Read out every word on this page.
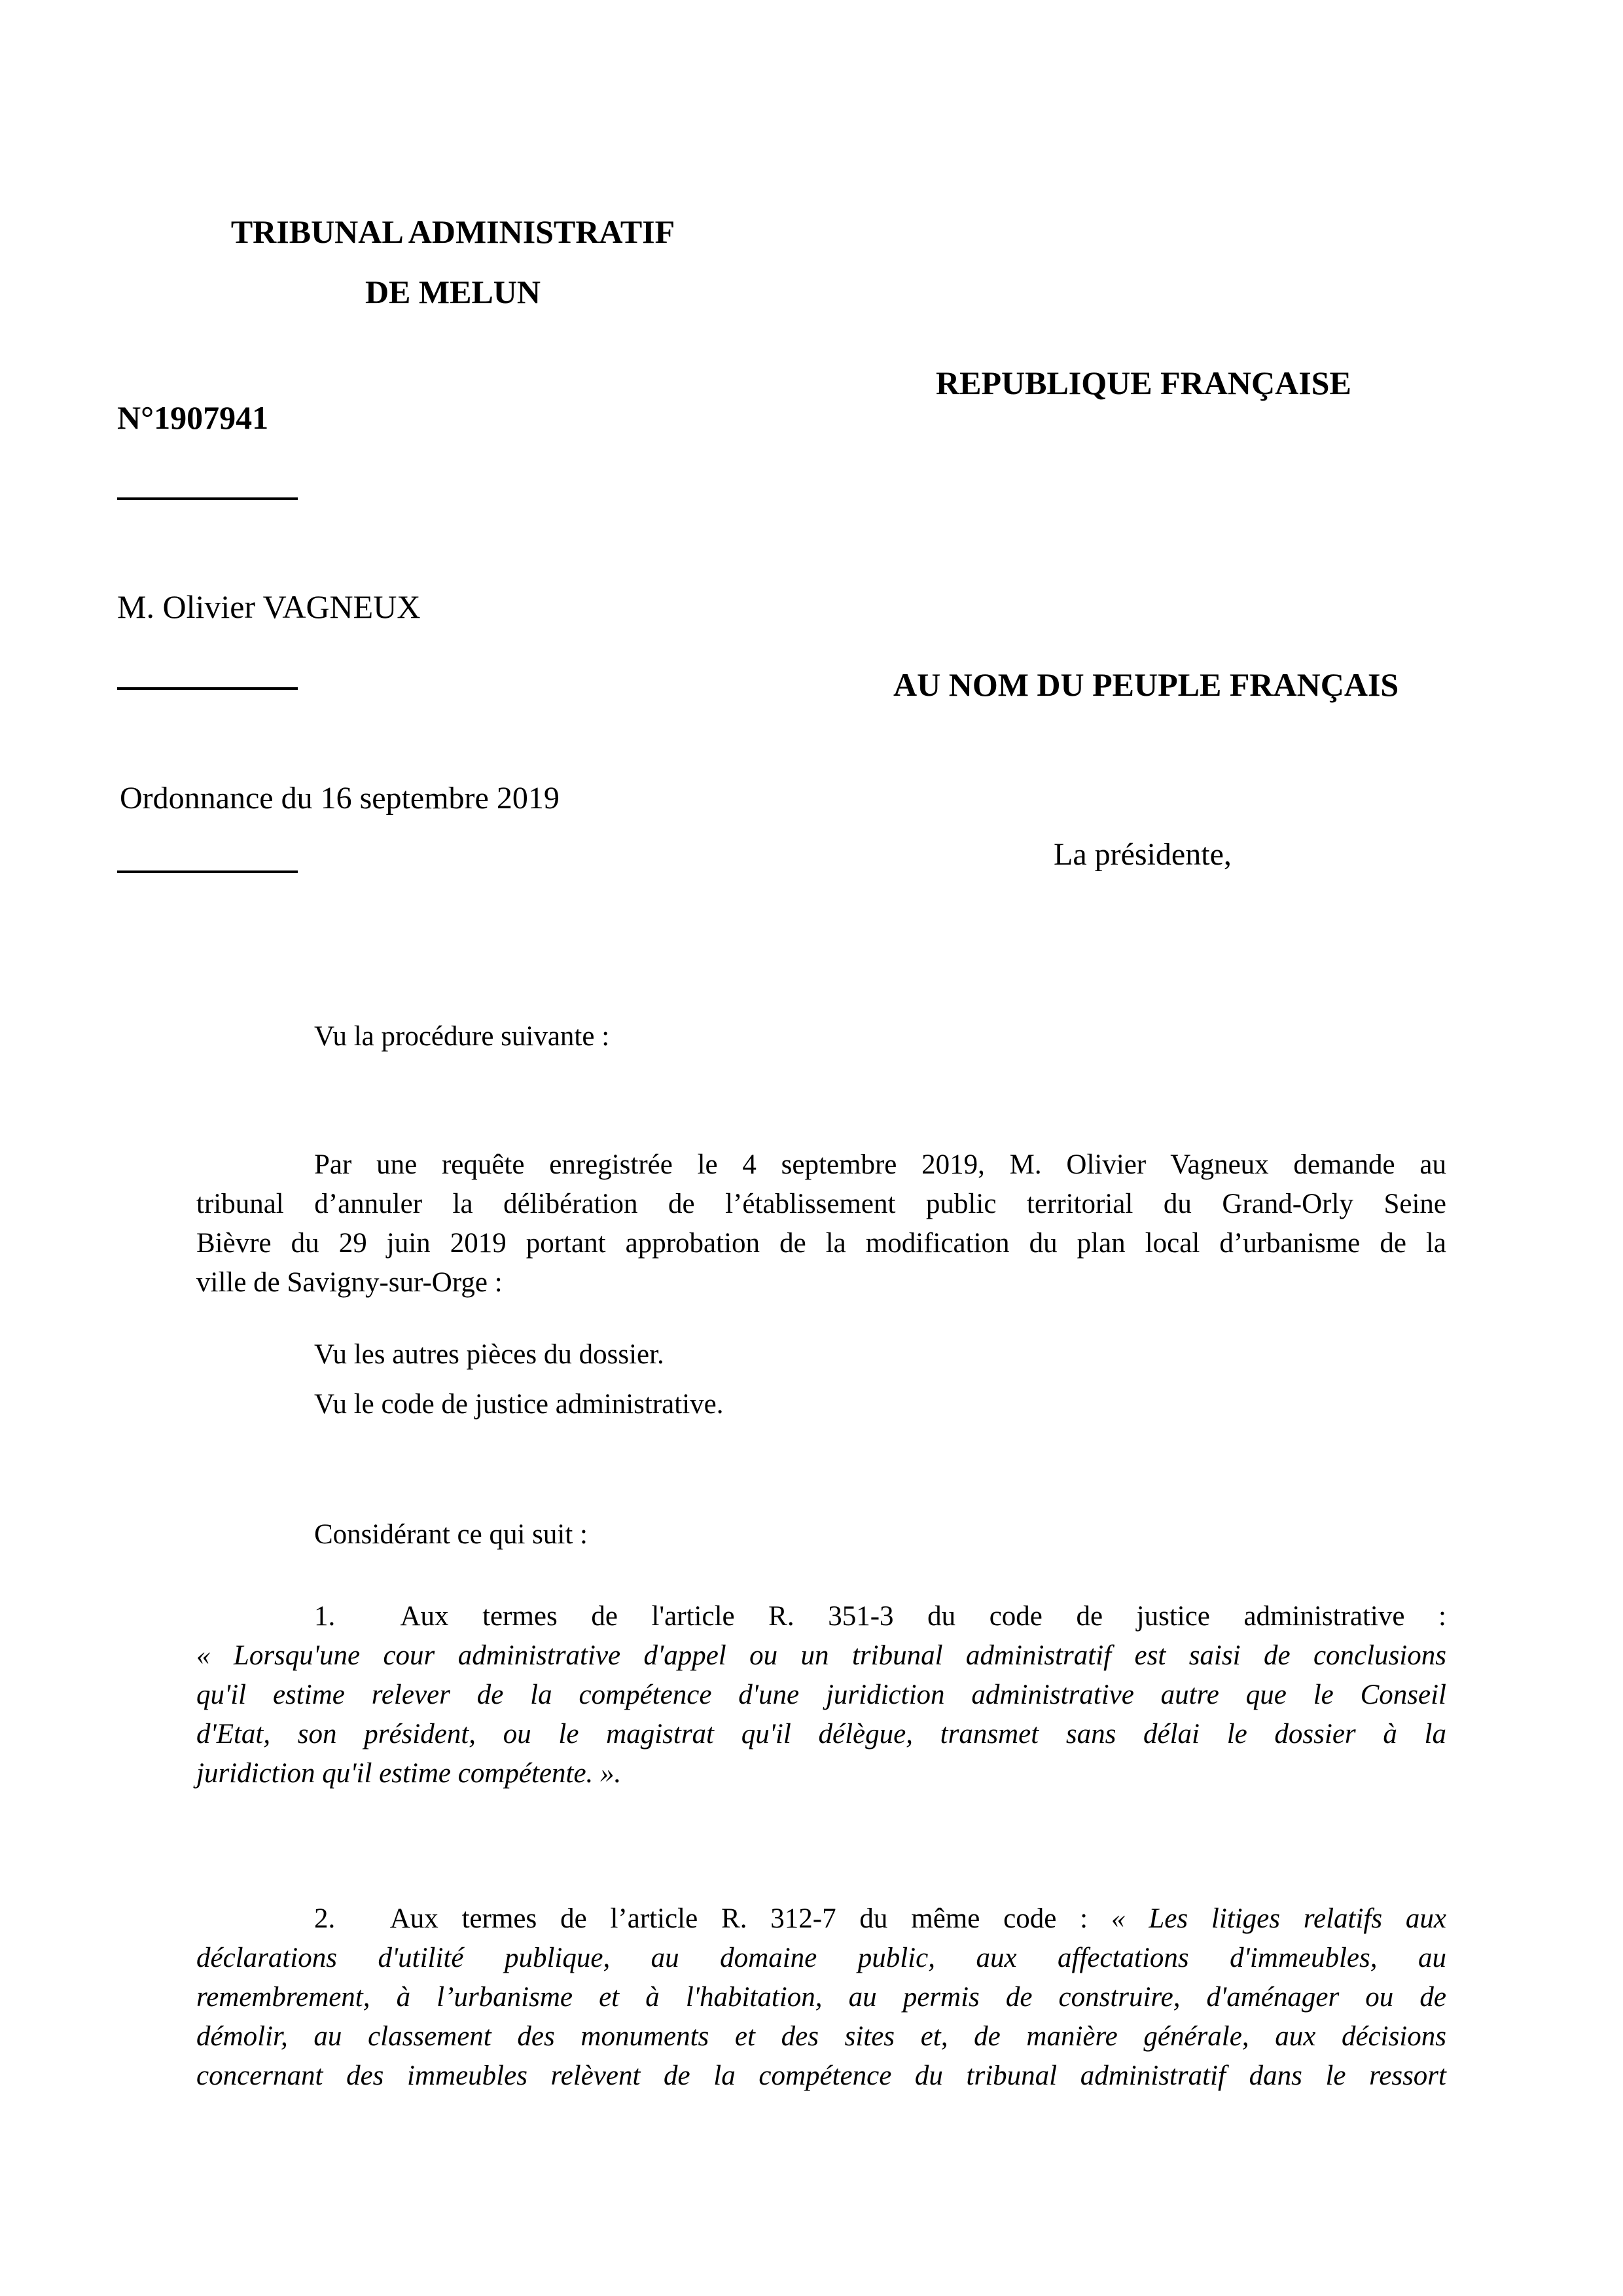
TRIBUNAL ADMINISTRATIF
DE MELUN
REPUBLIQUE FRANÇAISE
N°1907941
M. Olivier VAGNEUX
AU NOM DU PEUPLE FRANÇAIS
Ordonnance du 16 septembre 2019
La présidente,
Vu la procédure suivante :
Par une requête enregistrée le 4 septembre 2019, M. Olivier Vagneux demande au
tribunal d’annuler la délibération de l’établissement public territorial du Grand-Orly Seine
Bièvre du 29 juin 2019 portant approbation de la modification du plan local d’urbanisme de la
ville de Savigny-sur-Orge :
Vu les autres pièces du dossier.
Vu le code de justice administrative.
Considérant ce qui suit :
1. Aux termes de l'article R. 351-3 du code de justice administrative :
« Lorsqu'une cour administrative d'appel ou un tribunal administratif est saisi de conclusions
qu'il estime relever de la compétence d'une juridiction administrative autre que le Conseil
d'Etat, son président, ou le magistrat qu'il délègue, transmet sans délai le dossier à la
juridiction qu'il estime compétente. ».
2. Aux termes de l’article R. 312-7 du même code : « Les litiges relatifs aux
déclarations d'utilité publique, au domaine public, aux affectations d'immeubles, au
remembrement, à l’urbanisme et à l'habitation, au permis de construire, d'aménager ou de
démolir, au classement des monuments et des sites et, de manière générale, aux décisions
concernant des immeubles relèvent de la compétence du tribunal administratif dans le ressort
